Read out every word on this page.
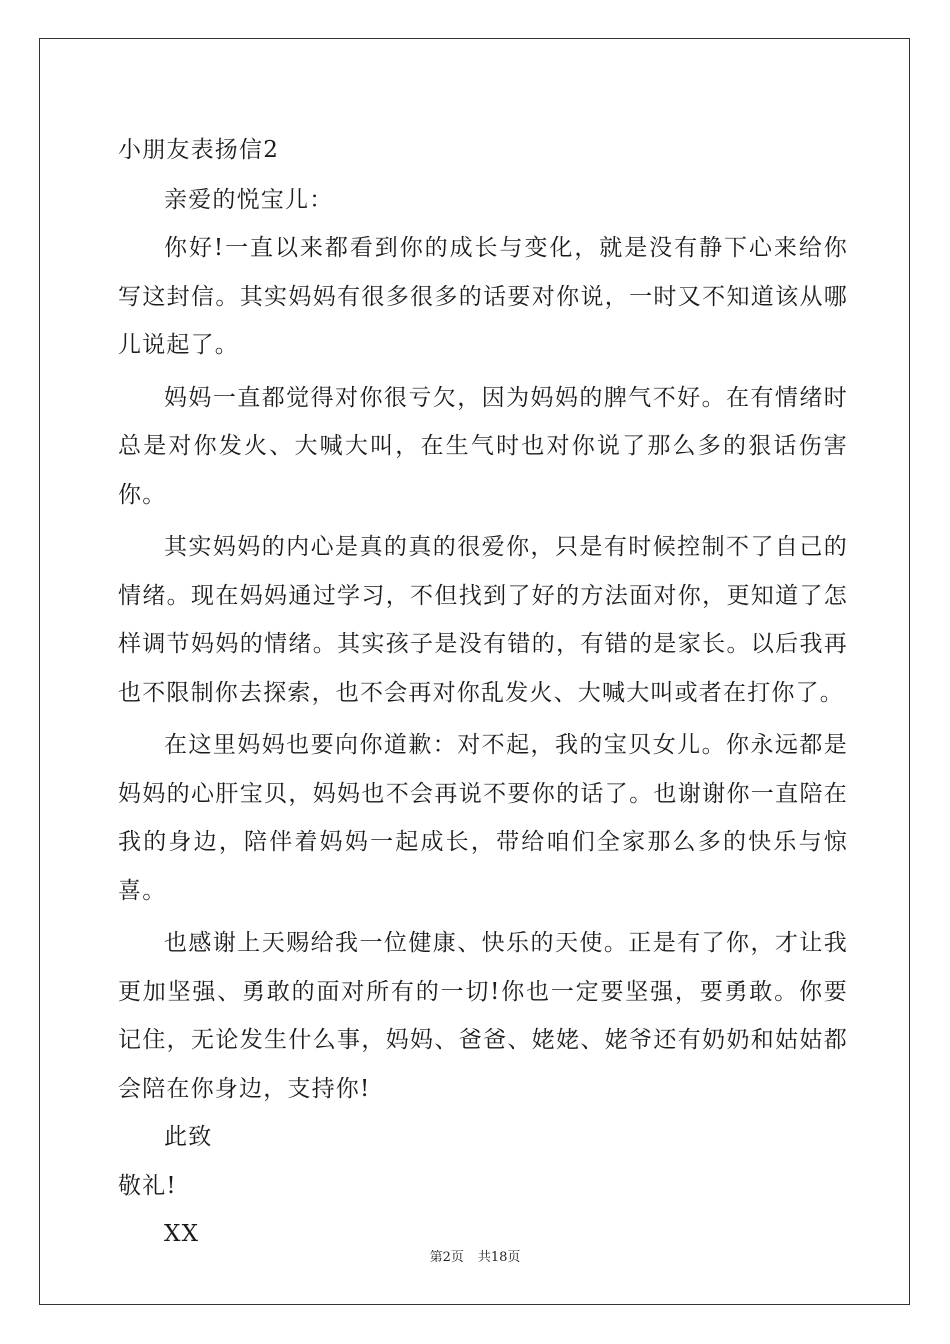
小朋友表扬信2

亲爱的悦宝儿：

你好!一直以来都看到你的成长与变化，就是没有静下心来给你写这封信。其实妈妈有很多很多的话要对你说，一时又不知道该从哪儿说起了。

妈妈一直都觉得对你很亏欠，因为妈妈的脾气不好。在有情绪时总是对你发火、大喊大叫，在生气时也对你说了那么多的狠话伤害你。

其实妈妈的内心是真的真的很爱你，只是有时候控制不了自己的情绪。现在妈妈通过学习，不但找到了好的方法面对你，更知道了怎样调节妈妈的情绪。其实孩子是没有错的，有错的是家长。以后我再也不限制你去探索，也不会再对你乱发火、大喊大叫或者在打你了。

在这里妈妈也要向你道歉：对不起，我的宝贝女儿。你永远都是妈妈的心肝宝贝，妈妈也不会再说不要你的话了。也谢谢你一直陪在我的身边，陪伴着妈妈一起成长，带给咱们全家那么多的快乐与惊喜。

也感谢上天赐给我一位健康、快乐的天使。正是有了你，才让我更加坚强、勇敢的面对所有的一切!你也一定要坚强，要勇敢。你要记住，无论发生什么事，妈妈、爸爸、姥姥、姥爷还有奶奶和姑姑都会陪在你身边，支持你!

此致

敬礼!

XX

第2页 共18页
